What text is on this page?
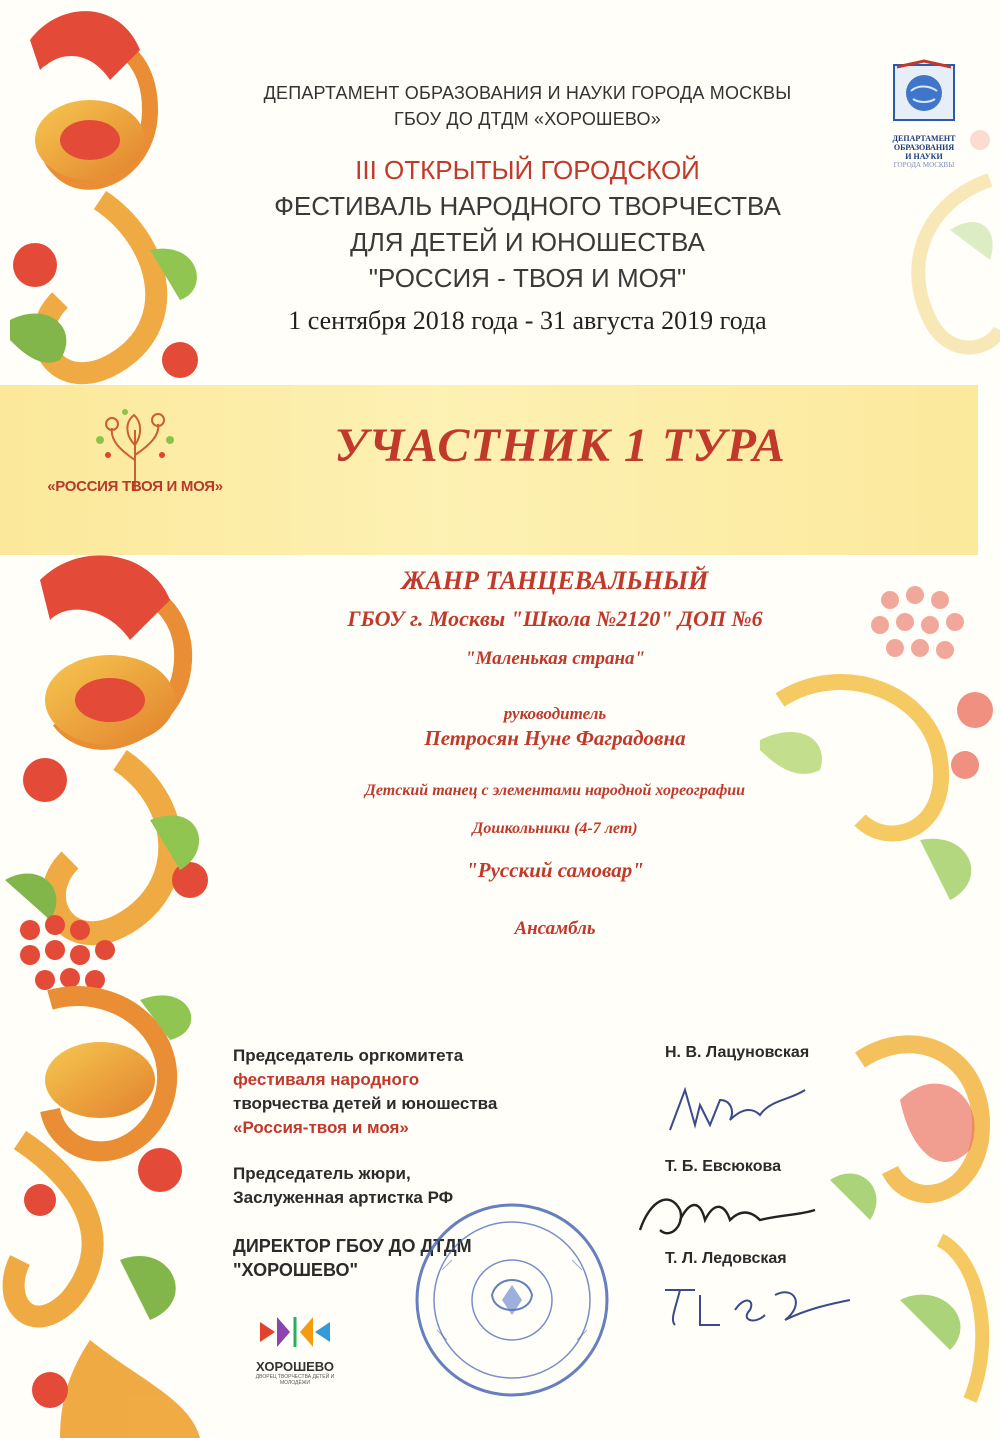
ДЕПАРТАМЕНТ
ОБРАЗОВАНИЯ
И НАУКИ
ГОРОДА МОСКВЫ
ДЕПАРТАМЕНТ ОБРАЗОВАНИЯ И НАУКИ ГОРОДА МОСКВЫ
ГБОУ ДО ДТДМ «ХОРОШЕВО»
III ОТКРЫТЫЙ ГОРОДСКОЙ
ФЕСТИВАЛЬ НАРОДНОГО ТВОРЧЕСТВА
ДЛЯ ДЕТЕЙ И ЮНОШЕСТВА
"РОССИЯ - ТВОЯ И МОЯ"
1 сентября 2018 года - 31 августа 2019 года
«РОССИЯ ТВОЯ И МОЯ»
УЧАСТНИК 1 ТУРА
ЖАНР ТАНЦЕВАЛЬНЫЙ
ГБОУ г. Москвы "Школа №2120" ДОП №6
"Маленькая страна"
руководитель
Петросян Нуне Фаградовна
Детский танец с элементами народной хореографии
Дошкольники (4-7 лет)
"Русский самовар"
Ансамбль
Председатель оргкомитета
фестиваля народного
творчества детей и юношества
«Россия-твоя и моя»
Председатель жюри,
Заслуженная артистка РФ
ДИРЕКТОР ГБОУ ДО ДТДМ
"ХОРОШЕВО"
Н. В. Лацуновская
Т. Б. Евсюкова
Т. Л. Ледовская
ХОРОШЕВО
ДВОРЕЦ ТВОРЧЕСТВА ДЕТЕЙ И МОЛОДЁЖИ
